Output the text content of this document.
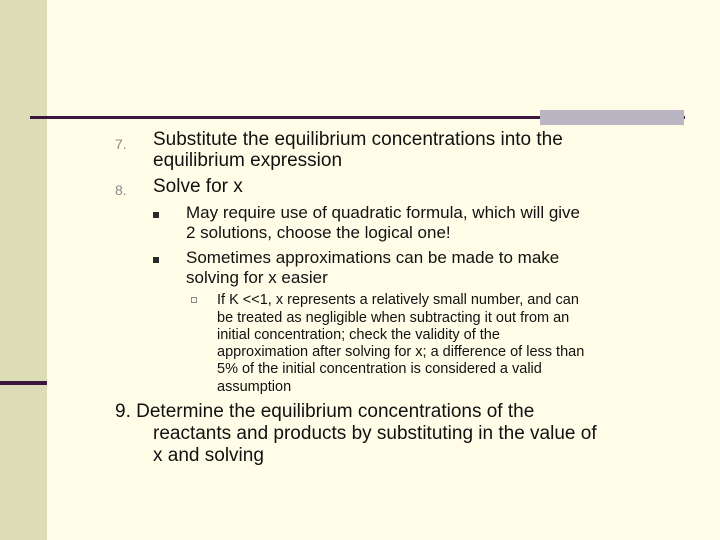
7. Substitute the equilibrium concentrations into the
equilibrium expression
8. Solve for x
May require use of quadratic formula, which will give
2 solutions, choose the logical one!
Sometimes approximations can be made to make
solving for x easier
If K <<1, x represents a relatively small number, and can
be treated as negligible when subtracting it out from an
initial concentration; check the validity of the
approximation after solving for x; a difference of less than
5% of the initial concentration is considered a valid
assumption
9. Determine the equilibrium concentrations of the
reactants and products by substituting in the value of
x and solving
